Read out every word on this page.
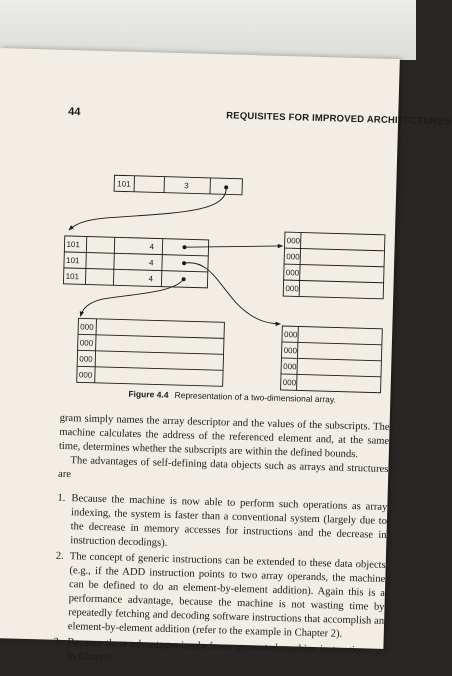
44	REQUISITES FOR IMPROVED ARCHITECTURES
101	3
101	4
101	4
101	4
000
000
000
000
000
000
000
000
000
000
000
000
Figure 4.4 Representation of a two-dimensional array.

gram simply names the array descriptor and the values of the subscripts. The machine calculates the address of the referenced element and, at the same time, determines whether the subscripts are within the defined bounds.

The advantages of self-defining data objects such as arrays and structures are

1. Because the machine is now able to perform such operations as array indexing, the system is faster than a conventional system (largely due to the decrease in memory accesses for instructions and the decrease in instruction decodings).
2. The concept of generic instructions can be extended to these data objects (e.g., if the ADD instruction points to two array operands, the machine can be defined to do an element-by-element addition). Again this is a performance advantage, because the machine is not wasting time by repeatedly fetching and decoding software instructions that accomplish an element-by-element addition (refer to the example in Chapter 2).
3. Because these advantages imply fewer generated machine instructions, ... In Chapter
